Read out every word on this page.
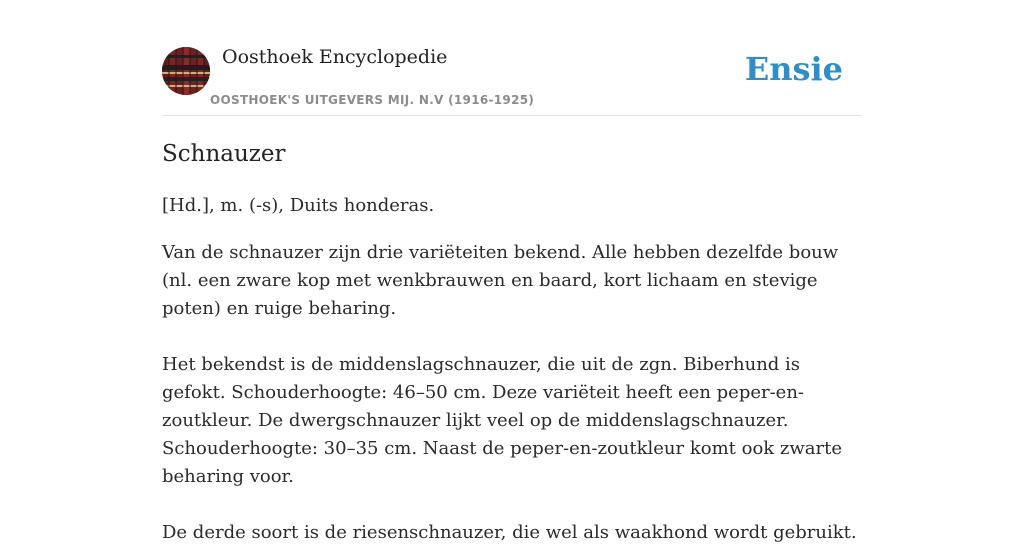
Oosthoek Encyclopedie
OOSTHOEK'S UITGEVERS MIJ. N.V (1916-1925)
Ensie
Schnauzer

[Hd.], m. (-s), Duits honderas.

Van de schnauzer zijn drie variëteiten bekend. Alle hebben dezelfde bouw (nl. een zware kop met wenkbrauwen en baard, kort lichaam en stevige poten) en ruige beharing.

Het bekendst is de middenslagschnauzer, die uit de zgn. Biberhund is gefokt. Schouderhoogte: 46–50 cm. Deze variëteit heeft een peper-en-zoutkleur. De dwergschnauzer lijkt veel op de middenslagschnauzer. Schouderhoogte: 30–35 cm. Naast de peper-en-zoutkleur komt ook zwarte beharing voor.

De derde soort is de riesenschnauzer, die wel als waakhond wordt gebruikt.
